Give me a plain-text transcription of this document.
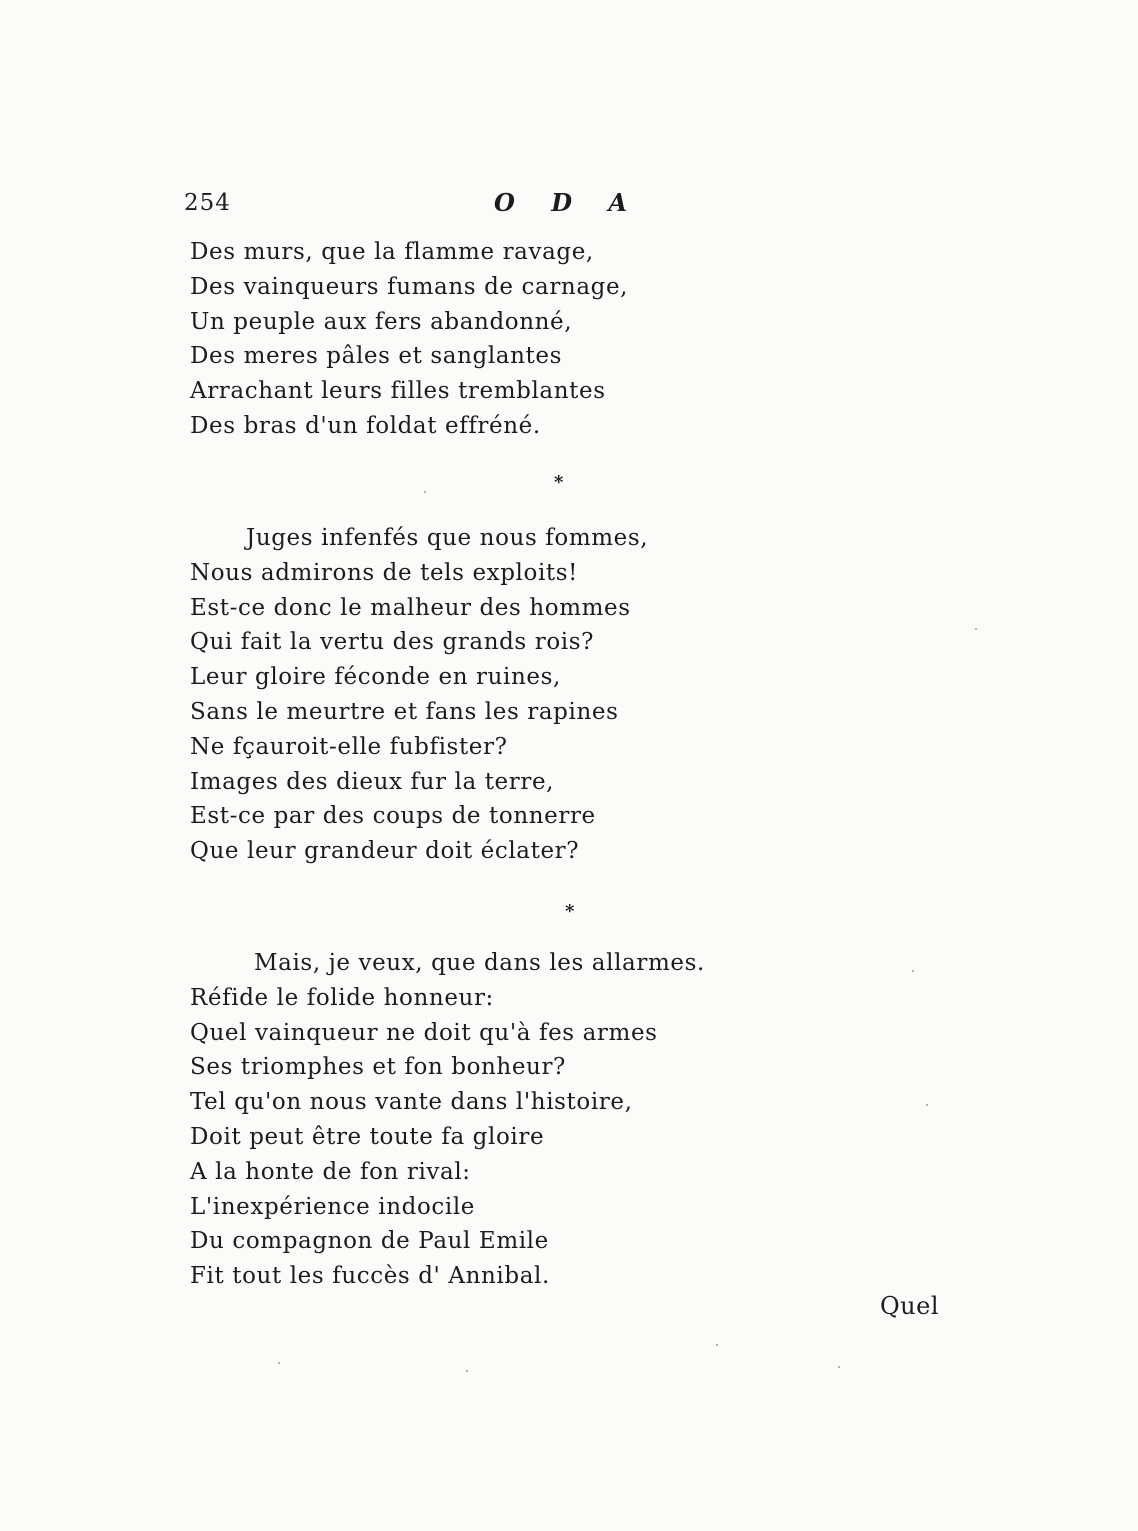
254	O D A
Des murs, que la flamme ravage,
Des vainqueurs fumans de carnage,
Un peuple aux fers abandonné,
Des meres pâles et sanglantes
Arrachant leurs filles tremblantes
Des bras d'un foldat effréné.
*
Juges infenfés que nous fommes,
Nous admirons de tels exploits!
Est-ce donc le malheur des hommes
Qui fait la vertu des grands rois?
Leur gloire féconde en ruines,
Sans le meurtre et fans les rapines
Ne fçauroit-elle fubfister?
Images des dieux fur la terre,
Est-ce par des coups de tonnerre
Que leur grandeur doit éclater?
*
Mais, je veux, que dans les allarmes.
Réfide le folide honneur:
Quel vainqueur ne doit qu'à fes armes
Ses triomphes et fon bonheur?
Tel qu'on nous vante dans l'histoire,
Doit peut être toute fa gloire
A la honte de fon rival:
L'inexpérience indocile
Du compagnon de Paul Emile
Fit tout les fuccès d' Annibal.
Quel
